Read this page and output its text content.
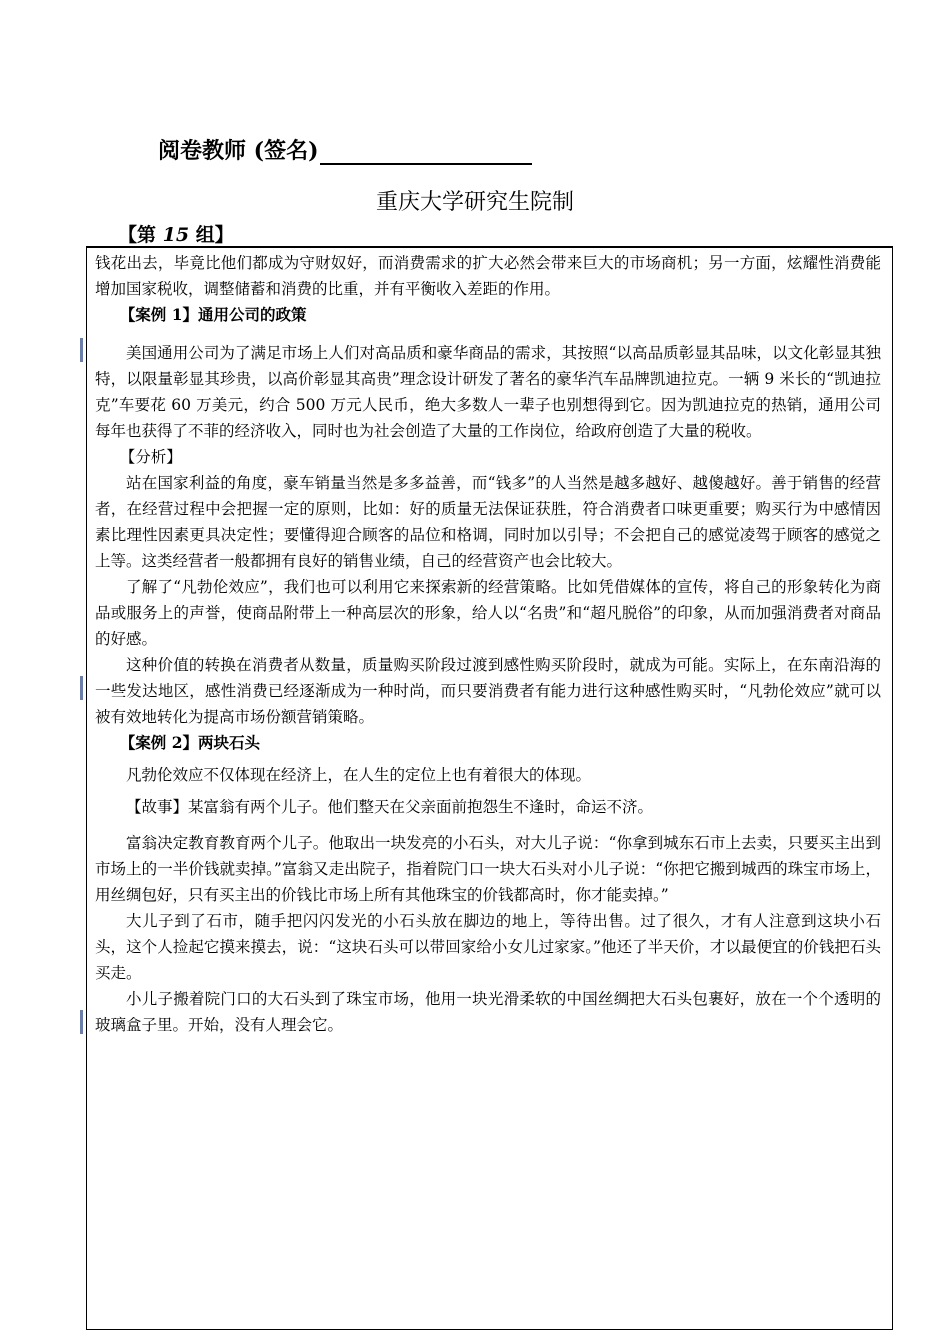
阅卷教师 (签名)
重庆大学研究生院制
【第 15 组】

钱花出去，毕竟比他们都成为守财奴好，而消费需求的扩大必然会带来巨大的市场商机；另一方面，炫耀性消费能增加国家税收，调整储蓄和消费的比重，并有平衡收入差距的作用。

【案例 1】通用公司的政策

美国通用公司为了满足市场上人们对高品质和豪华商品的需求，其按照“以高品质彰显其品味，以文化彰显其独特，以限量彰显其珍贵，以高价彰显其高贵”理念设计研发了著名的豪华汽车品牌凯迪拉克。一辆 9 米长的“凯迪拉克”车要花 60 万美元，约合 500 万元人民币，绝大多数人一辈子也别想得到它。因为凯迪拉克的热销，通用公司每年也获得了不菲的经济收入，同时也为社会创造了大量的工作岗位，给政府创造了大量的税收。

【分析】

站在国家利益的角度，豪车销量当然是多多益善，而“钱多”的人当然是越多越好、越傻越好。善于销售的经营者，在经营过程中会把握一定的原则，比如：好的质量无法保证获胜，符合消费者口味更重要；购买行为中感情因素比理性因素更具决定性；要懂得迎合顾客的品位和格调，同时加以引导；不会把自己的感觉凌驾于顾客的感觉之上等。这类经营者一般都拥有良好的销售业绩，自己的经营资产也会比较大。

了解了“凡勃伦效应”，我们也可以利用它来探索新的经营策略。比如凭借媒体的宣传，将自己的形象转化为商品或服务上的声誉，使商品附带上一种高层次的形象，给人以“名贵”和“超凡脱俗”的印象，从而加强消费者对商品的好感。

这种价值的转换在消费者从数量，质量购买阶段过渡到感性购买阶段时，就成为可能。实际上，在东南沿海的一些发达地区，感性消费已经逐渐成为一种时尚，而只要消费者有能力进行这种感性购买时，“凡勃伦效应”就可以被有效地转化为提高市场份额营销策略。

【案例 2】两块石头

凡勃伦效应不仅体现在经济上，在人生的定位上也有着很大的体现。

【故事】某富翁有两个儿子。他们整天在父亲面前抱怨生不逢时，命运不济。

富翁决定教育教育两个儿子。他取出一块发亮的小石头，对大儿子说：“你拿到城东石市上去卖，只要买主出到市场上的一半价钱就卖掉。”富翁又走出院子，指着院门口一块大石头对小儿子说：“你把它搬到城西的珠宝市场上，用丝绸包好，只有买主出的价钱比市场上所有其他珠宝的价钱都高时，你才能卖掉。”

大儿子到了石市，随手把闪闪发光的小石头放在脚边的地上，等待出售。过了很久，才有人注意到这块小石头，这个人捡起它摸来摸去，说：“这块石头可以带回家给小女儿过家家。”他还了半天价，才以最便宜的价钱把石头买走。

小儿子搬着院门口的大石头到了珠宝市场，他用一块光滑柔软的中国丝绸把大石头包裹好，放在一个个透明的玻璃盒子里。开始，没有人理会它。
